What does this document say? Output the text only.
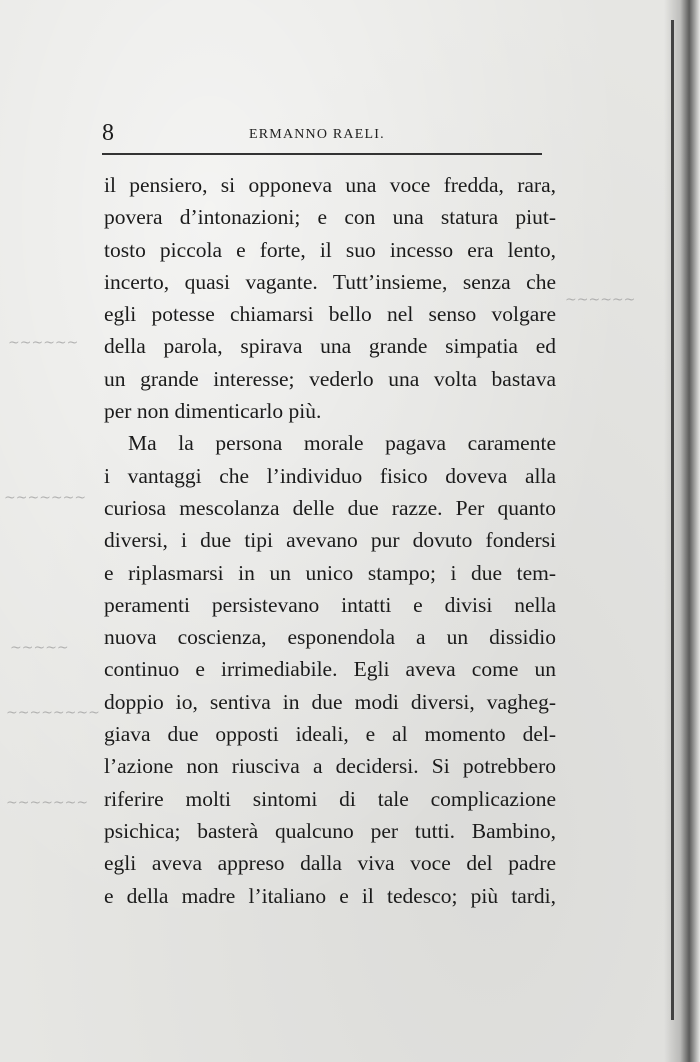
~~~~~~
~~~~~~~
~~~~~
~~~~~~~~
~~~~~~~
~~~~~~
8	ERMANNO RAELI.
il pensiero, si opponeva una voce fredda, rara,
povera d’intonazioni; e con una statura piut-
tosto piccola e forte, il suo incesso era lento,
incerto, quasi vagante. Tutt’insieme, senza che
egli potesse chiamarsi bello nel senso volgare
della parola, spirava una grande simpatia ed
un grande interesse; vederlo una volta bastava
per non dimenticarlo più.
Ma la persona morale pagava caramente
i vantaggi che l’individuo fisico doveva alla
curiosa mescolanza delle due razze. Per quanto
diversi, i due tipi avevano pur dovuto fondersi
e riplasmarsi in un unico stampo; i due tem-
peramenti persistevano intatti e divisi nella
nuova coscienza, esponendola a un dissidio
continuo e irrimediabile. Egli aveva come un
doppio io, sentiva in due modi diversi, vagheg-
giava due opposti ideali, e al momento del-
l’azione non riusciva a decidersi. Si potrebbero
riferire molti sintomi di tale complicazione
psichica; basterà qualcuno per tutti. Bambino,
egli aveva appreso dalla viva voce del padre
e della madre l’italiano e il tedesco; più tardi,
